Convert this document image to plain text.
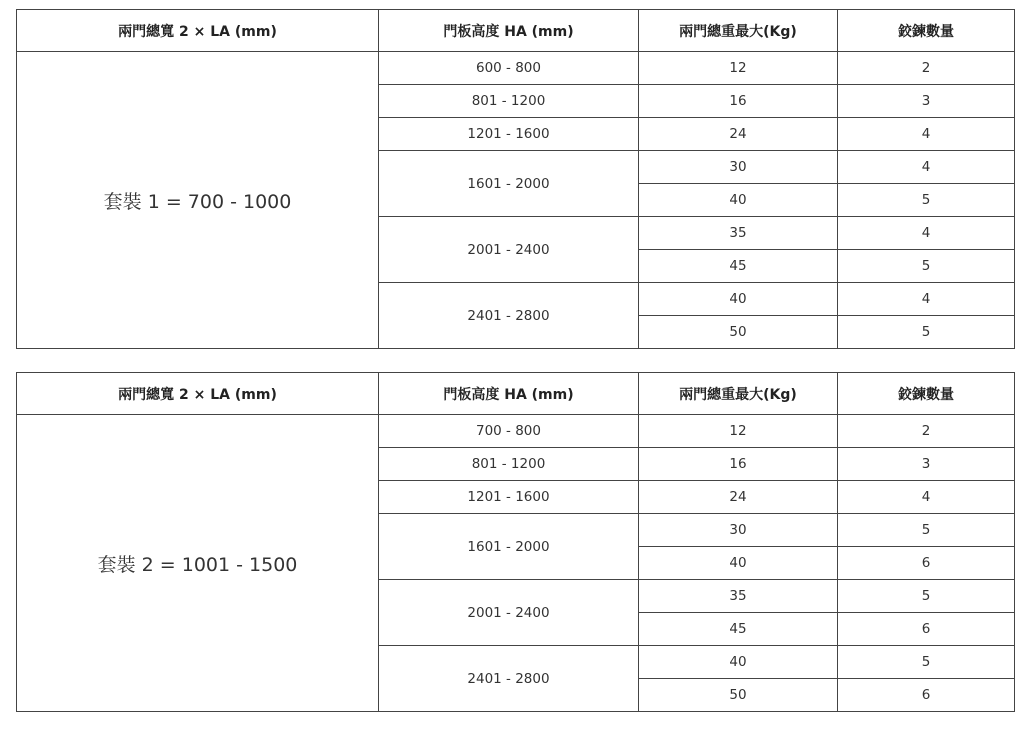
兩門總寬 2 × LA (mm)	門板高度 HA (mm)	兩門總重最大(Kg)	鉸鍊數量
套裝 1 = 700 - 1000	600 - 800	12	2
	801 - 1200	16	3
	1201 - 1600	24	4
	1601 - 2000	30	4
		40	5
	2001 - 2400	35	4
		45	5
	2401 - 2800	40	4
		50	5
兩門總寬 2 × LA (mm)	門板高度 HA (mm)	兩門總重最大(Kg)	鉸鍊數量
套裝 2 = 1001 - 1500	700 - 800	12	2
	801 - 1200	16	3
	1201 - 1600	24	4
	1601 - 2000	30	5
		40	6
	2001 - 2400	35	5
		45	6
	2401 - 2800	40	5
		50	6
